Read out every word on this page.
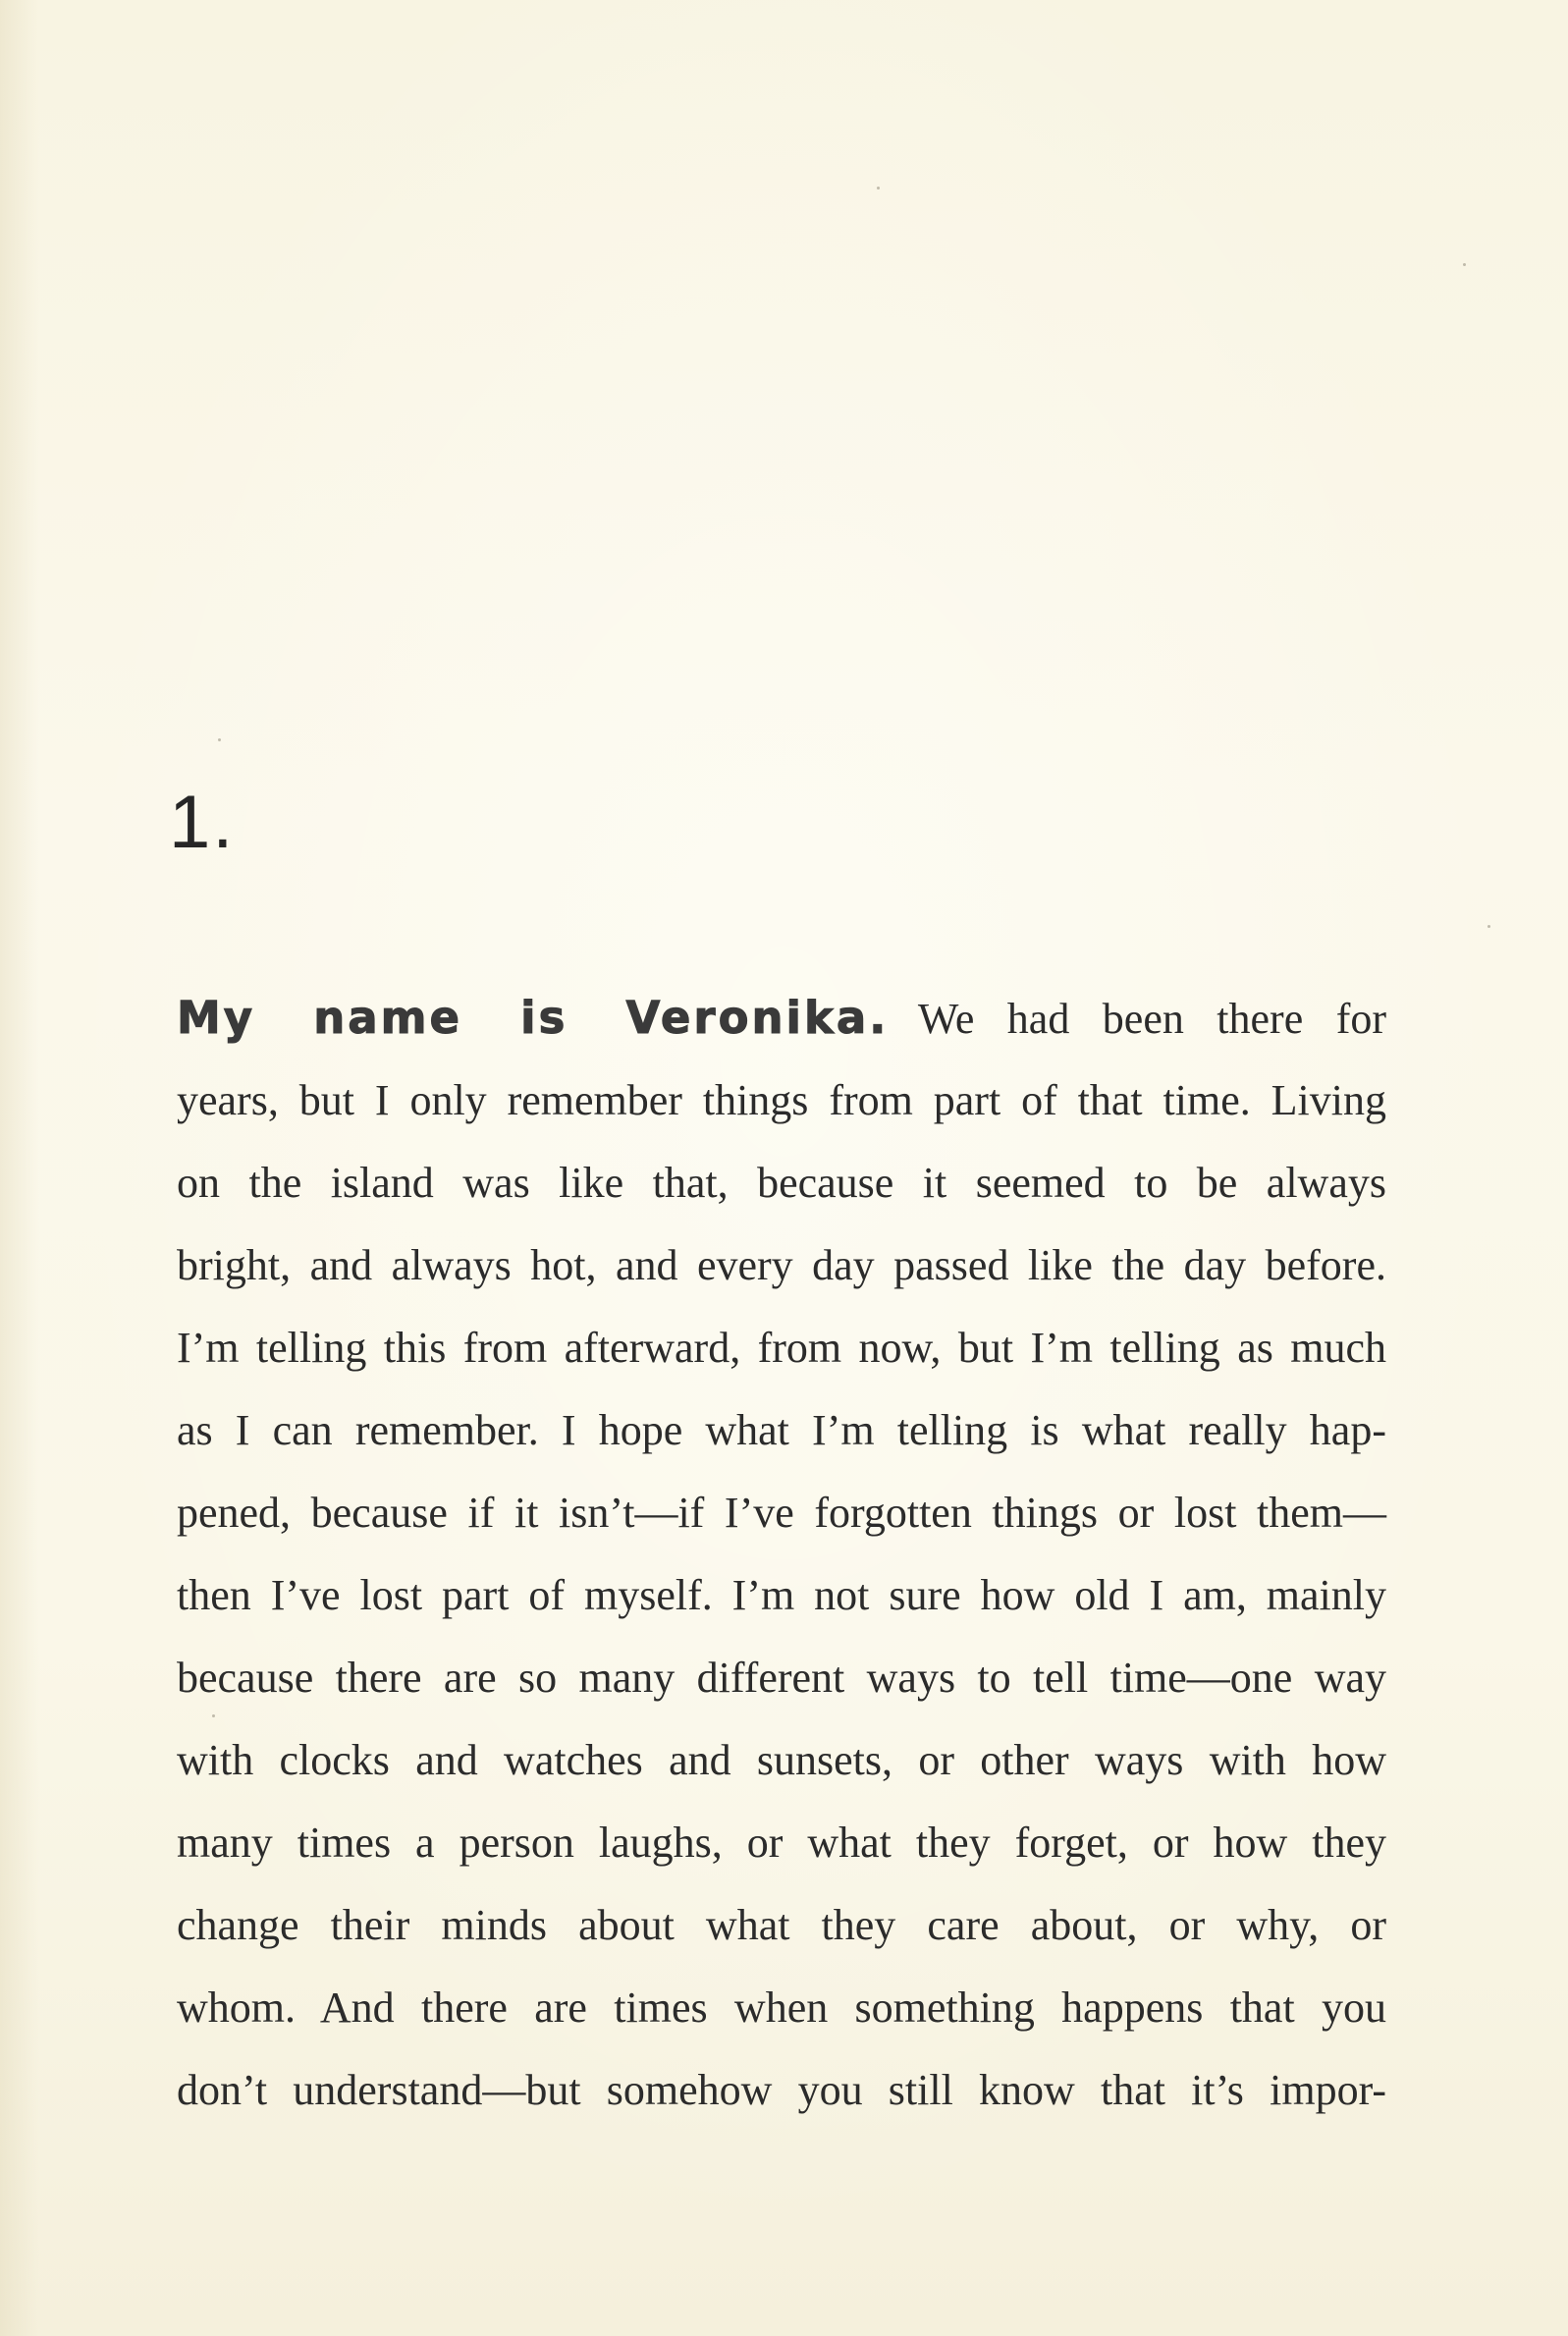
1.
My name is Veronika. We had been there for
years, but I only remember things from part of that time. Living
on the island was like that, because it seemed to be always
bright, and always hot, and every day passed like the day before.
I’m telling this from afterward, from now, but I’m telling as much
as I can remember. I hope what I’m telling is what really hap-
pened, because if it isn’t—if I’ve forgotten things or lost them—
then I’ve lost part of myself. I’m not sure how old I am, mainly
because there are so many different ways to tell time—one way
with clocks and watches and sunsets, or other ways with how
many times a person laughs, or what they forget, or how they
change their minds about what they care about, or why, or
whom. And there are times when something happens that you
don’t understand—but somehow you still know that it’s impor-
